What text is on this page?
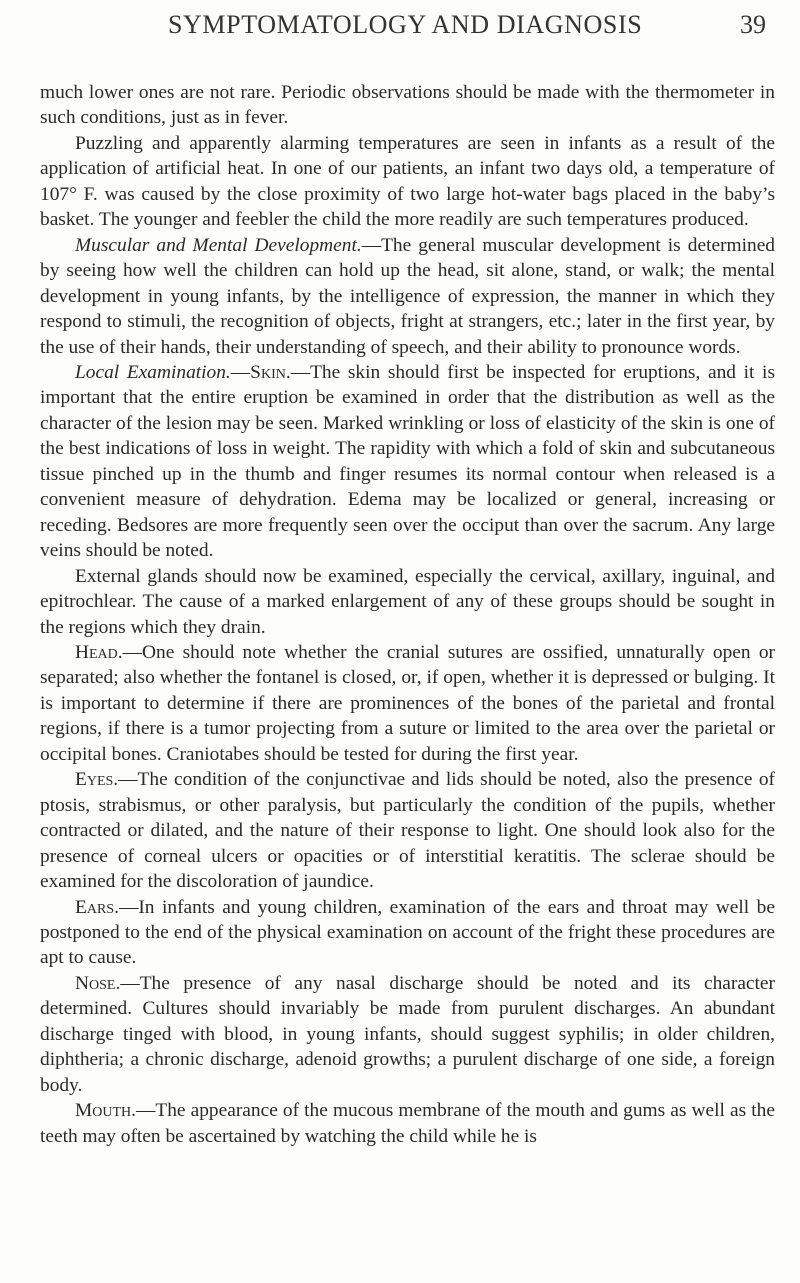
SYMPTOMATOLOGY AND DIAGNOSIS	39

much lower ones are not rare. Periodic observations should be made with the thermometer in such conditions, just as in fever.

Puzzling and apparently alarming temperatures are seen in infants as a result of the application of artificial heat. In one of our patients, an infant two days old, a temperature of 107° F. was caused by the close proximity of two large hot-water bags placed in the baby’s basket. The younger and feebler the child the more readily are such temperatures produced.

Muscular and Mental Development.—The general muscular development is determined by seeing how well the children can hold up the head, sit alone, stand, or walk; the mental development in young infants, by the intelligence of expression, the manner in which they respond to stimuli, the recognition of objects, fright at strangers, etc.; later in the first year, by the use of their hands, their understanding of speech, and their ability to pronounce words.

Local Examination.—Skin.—The skin should first be inspected for eruptions, and it is important that the entire eruption be examined in order that the distribution as well as the character of the lesion may be seen. Marked wrinkling or loss of elasticity of the skin is one of the best indications of loss in weight. The rapidity with which a fold of skin and subcutaneous tissue pinched up in the thumb and finger resumes its normal contour when released is a convenient measure of dehydration. Edema may be localized or general, increasing or receding. Bedsores are more frequently seen over the occiput than over the sacrum. Any large veins should be noted.

External glands should now be examined, especially the cervical, axillary, inguinal, and epitrochlear. The cause of a marked enlargement of any of these groups should be sought in the regions which they drain.

Head.—One should note whether the cranial sutures are ossified, unnaturally open or separated; also whether the fontanel is closed, or, if open, whether it is depressed or bulging. It is important to determine if there are prominences of the bones of the parietal and frontal regions, if there is a tumor projecting from a suture or limited to the area over the parietal or occipital bones. Craniotabes should be tested for during the first year.

Eyes.—The condition of the conjunctivae and lids should be noted, also the presence of ptosis, strabismus, or other paralysis, but particularly the condition of the pupils, whether contracted or dilated, and the nature of their response to light. One should look also for the presence of corneal ulcers or opacities or of interstitial keratitis. The sclerae should be examined for the discoloration of jaundice.

Ears.—In infants and young children, examination of the ears and throat may well be postponed to the end of the physical examination on account of the fright these procedures are apt to cause.

Nose.—The presence of any nasal discharge should be noted and its character determined. Cultures should invariably be made from purulent discharges. An abundant discharge tinged with blood, in young infants, should suggest syphilis; in older children, diphtheria; a chronic discharge, adenoid growths; a purulent discharge of one side, a foreign body.

Mouth.—The appearance of the mucous membrane of the mouth and gums as well as the teeth may often be ascertained by watching the child while he is
